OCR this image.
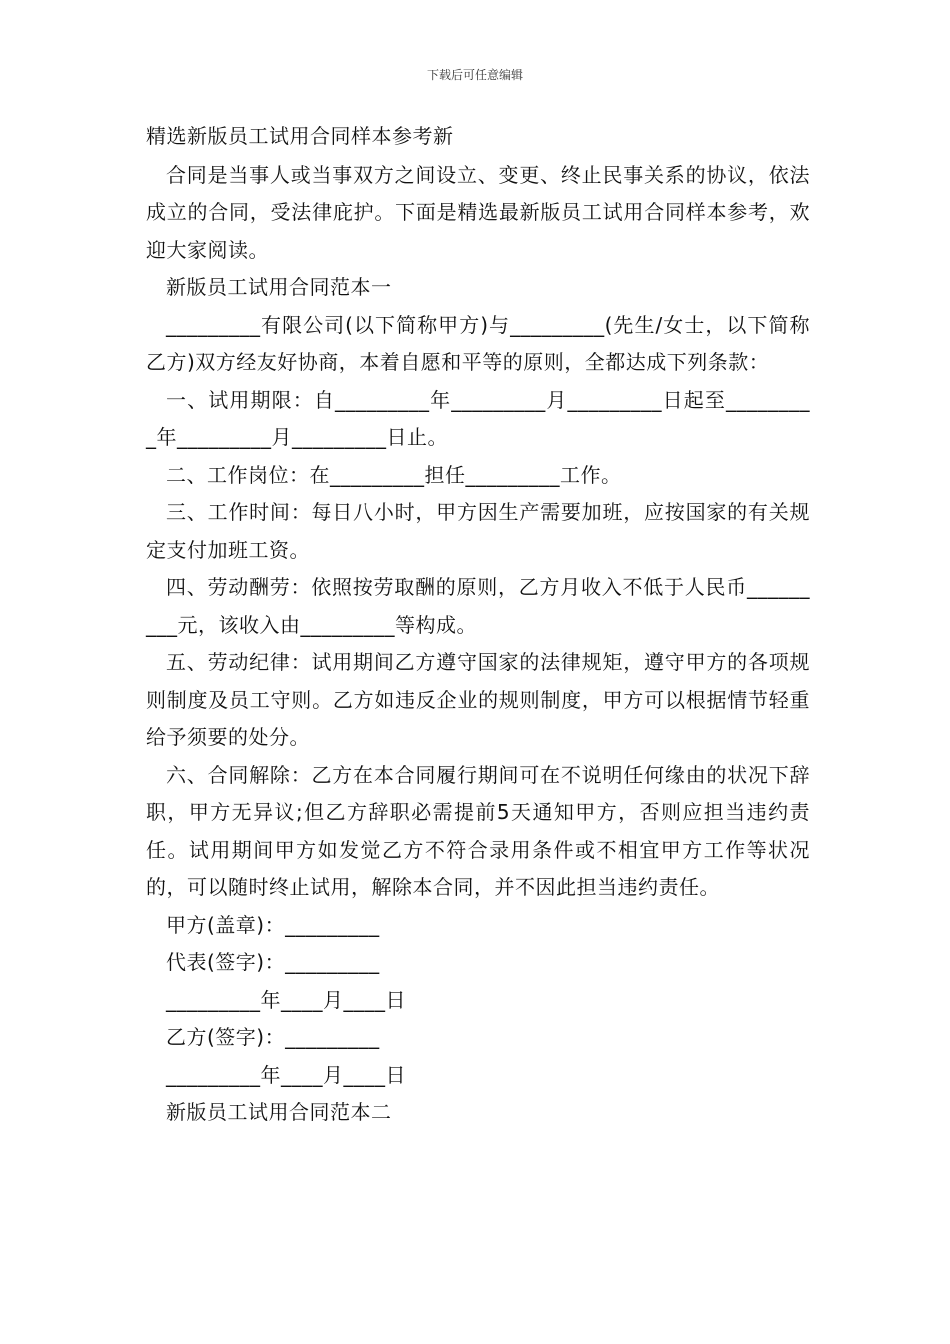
下载后可任意编辑

精选新版员工试用合同样本参考新

合同是当事人或当事双方之间设立、变更、终止民事关系的协议，依法成立的合同，受法律庇护。下面是精选最新版员工试用合同样本参考，欢迎大家阅读。

新版员工试用合同范本一

_________有限公司(以下简称甲方)与_________(先生/女士，以下简称乙方)双方经友好协商，本着自愿和平等的原则，全都达成下列条款：

一、试用期限：自_________年_________月_________日起至_________年_________月_________日止。

二、工作岗位：在_________担任_________工作。

三、工作时间：每日八小时，甲方因生产需要加班，应按国家的有关规定支付加班工资。

四、劳动酬劳：依照按劳取酬的原则，乙方月收入不低于人民币_________元，该收入由_________等构成。

五、劳动纪律：试用期间乙方遵守国家的法律规矩，遵守甲方的各项规则制度及员工守则。乙方如违反企业的规则制度，甲方可以根据情节轻重给予须要的处分。

六、合同解除：乙方在本合同履行期间可在不说明任何缘由的状况下辞职，甲方无异议;但乙方辞职必需提前5天通知甲方，否则应担当违约责任。试用期间甲方如发觉乙方不符合录用条件或不相宜甲方工作等状况的，可以随时终止试用，解除本合同，并不因此担当违约责任。

甲方(盖章)：_________

代表(签字)：_________

_________年____月____日

乙方(签字)：_________

_________年____月____日

新版员工试用合同范本二
